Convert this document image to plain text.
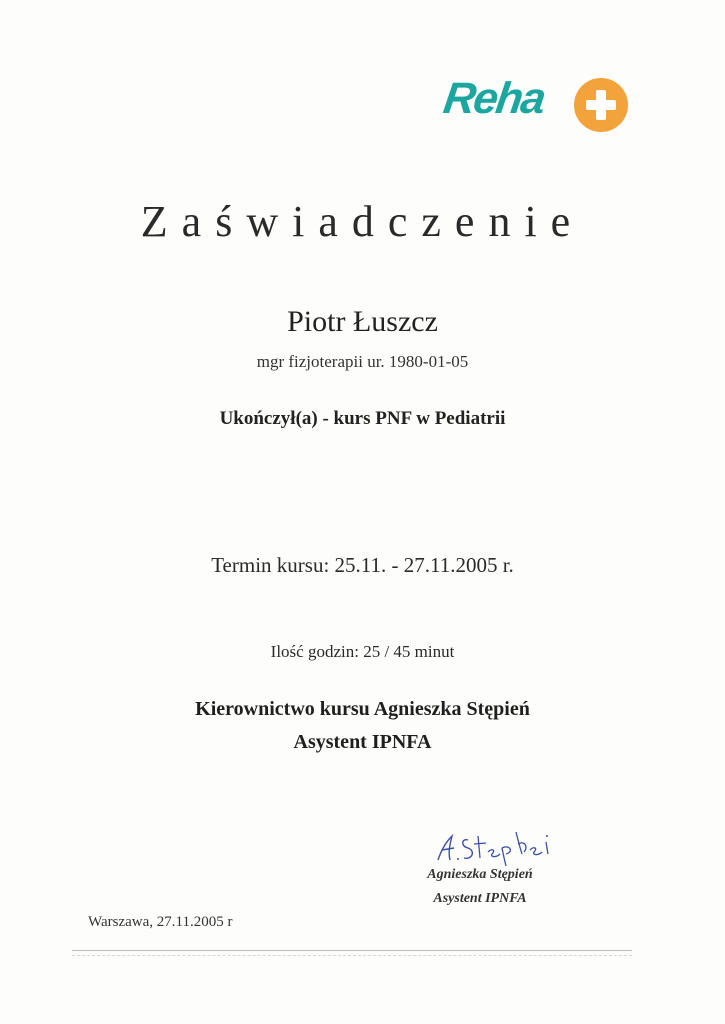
Reha
Zaświadczenie
Piotr Łuszcz
mgr fizjoterapii ur. 1980-01-05
Ukończył(a) - kurs PNF w Pediatrii
Termin kursu: 25.11. - 27.11.2005 r.
Ilość godzin: 25 / 45 minut
Kierownictwo kursu Agnieszka Stępień
Asystent IPNFA
Agnieszka Stępień
Asystent IPNFA
Warszawa, 27.11.2005 r
